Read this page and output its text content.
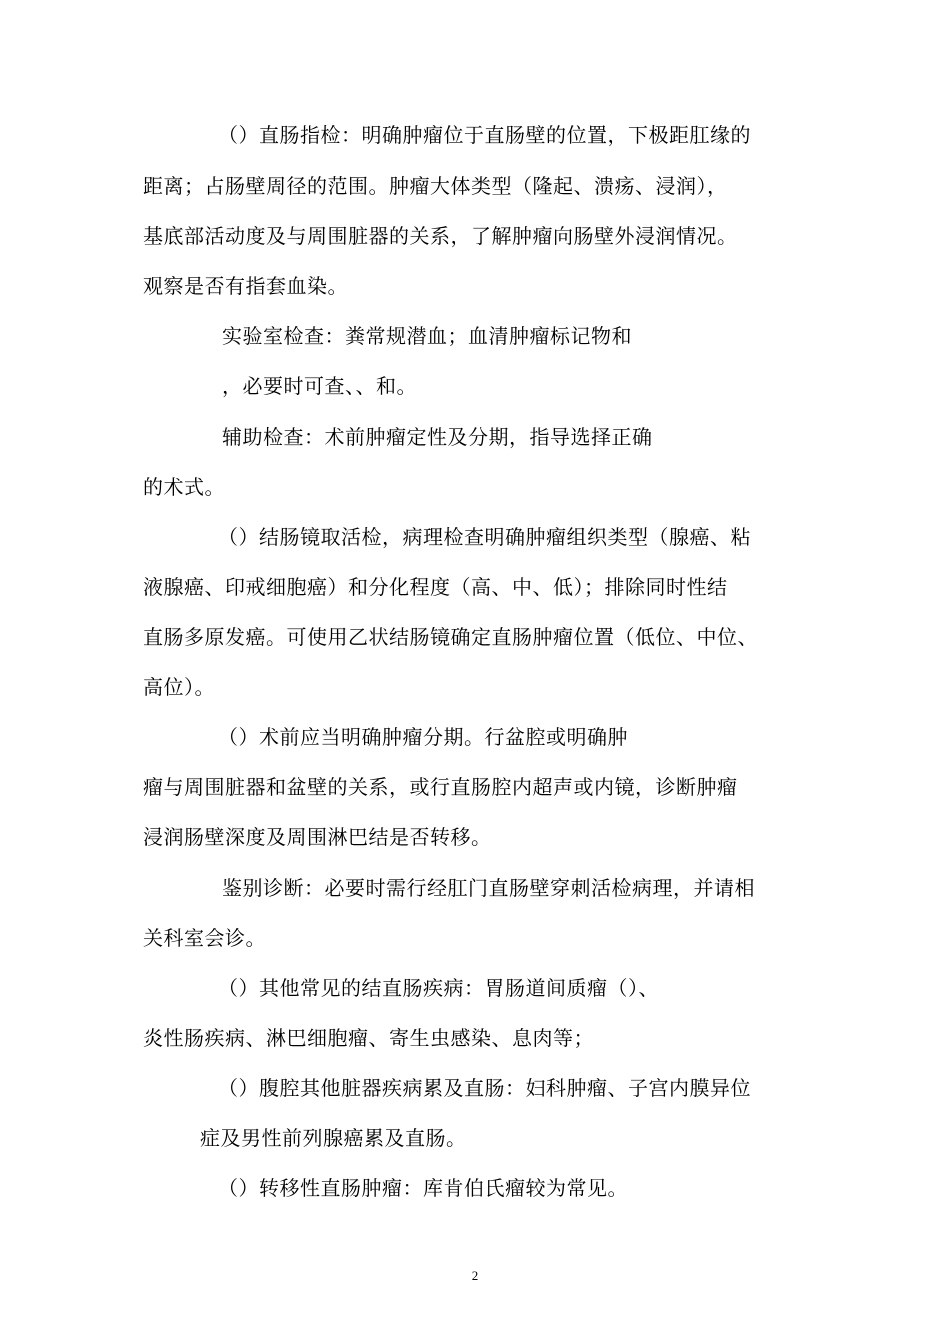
（）直肠指检：明确肿瘤位于直肠壁的位置，下极距肛缘的
距离；占肠壁周径的范围。肿瘤大体类型（隆起、溃疡、浸润），
基底部活动度及与周围脏器的关系，了解肿瘤向肠壁外浸润情况。
观察是否有指套血染。
实验室检查：粪常规潜血；血清肿瘤标记物和
，必要时可查、、和。
辅助检查：术前肿瘤定性及分期，指导选择正确
的术式。
（）结肠镜取活检，病理检查明确肿瘤组织类型（腺癌、粘
液腺癌、印戒细胞癌）和分化程度（高、中、低）；排除同时性结
直肠多原发癌。可使用乙状结肠镜确定直肠肿瘤位置（低位、中位、
高位）。
（）术前应当明确肿瘤分期。行盆腔或明确肿
瘤与周围脏器和盆壁的关系，或行直肠腔内超声或内镜，诊断肿瘤
浸润肠壁深度及周围淋巴结是否转移。
鉴别诊断：必要时需行经肛门直肠壁穿刺活检病理，并请相
关科室会诊。
（）其他常见的结直肠疾病：胃肠道间质瘤（）、
炎性肠疾病、淋巴细胞瘤、寄生虫感染、息肉等；
（）腹腔其他脏器疾病累及直肠：妇科肿瘤、子宫内膜异位
症及男性前列腺癌累及直肠。
（）转移性直肠肿瘤：库肯伯氏瘤较为常见。
2
